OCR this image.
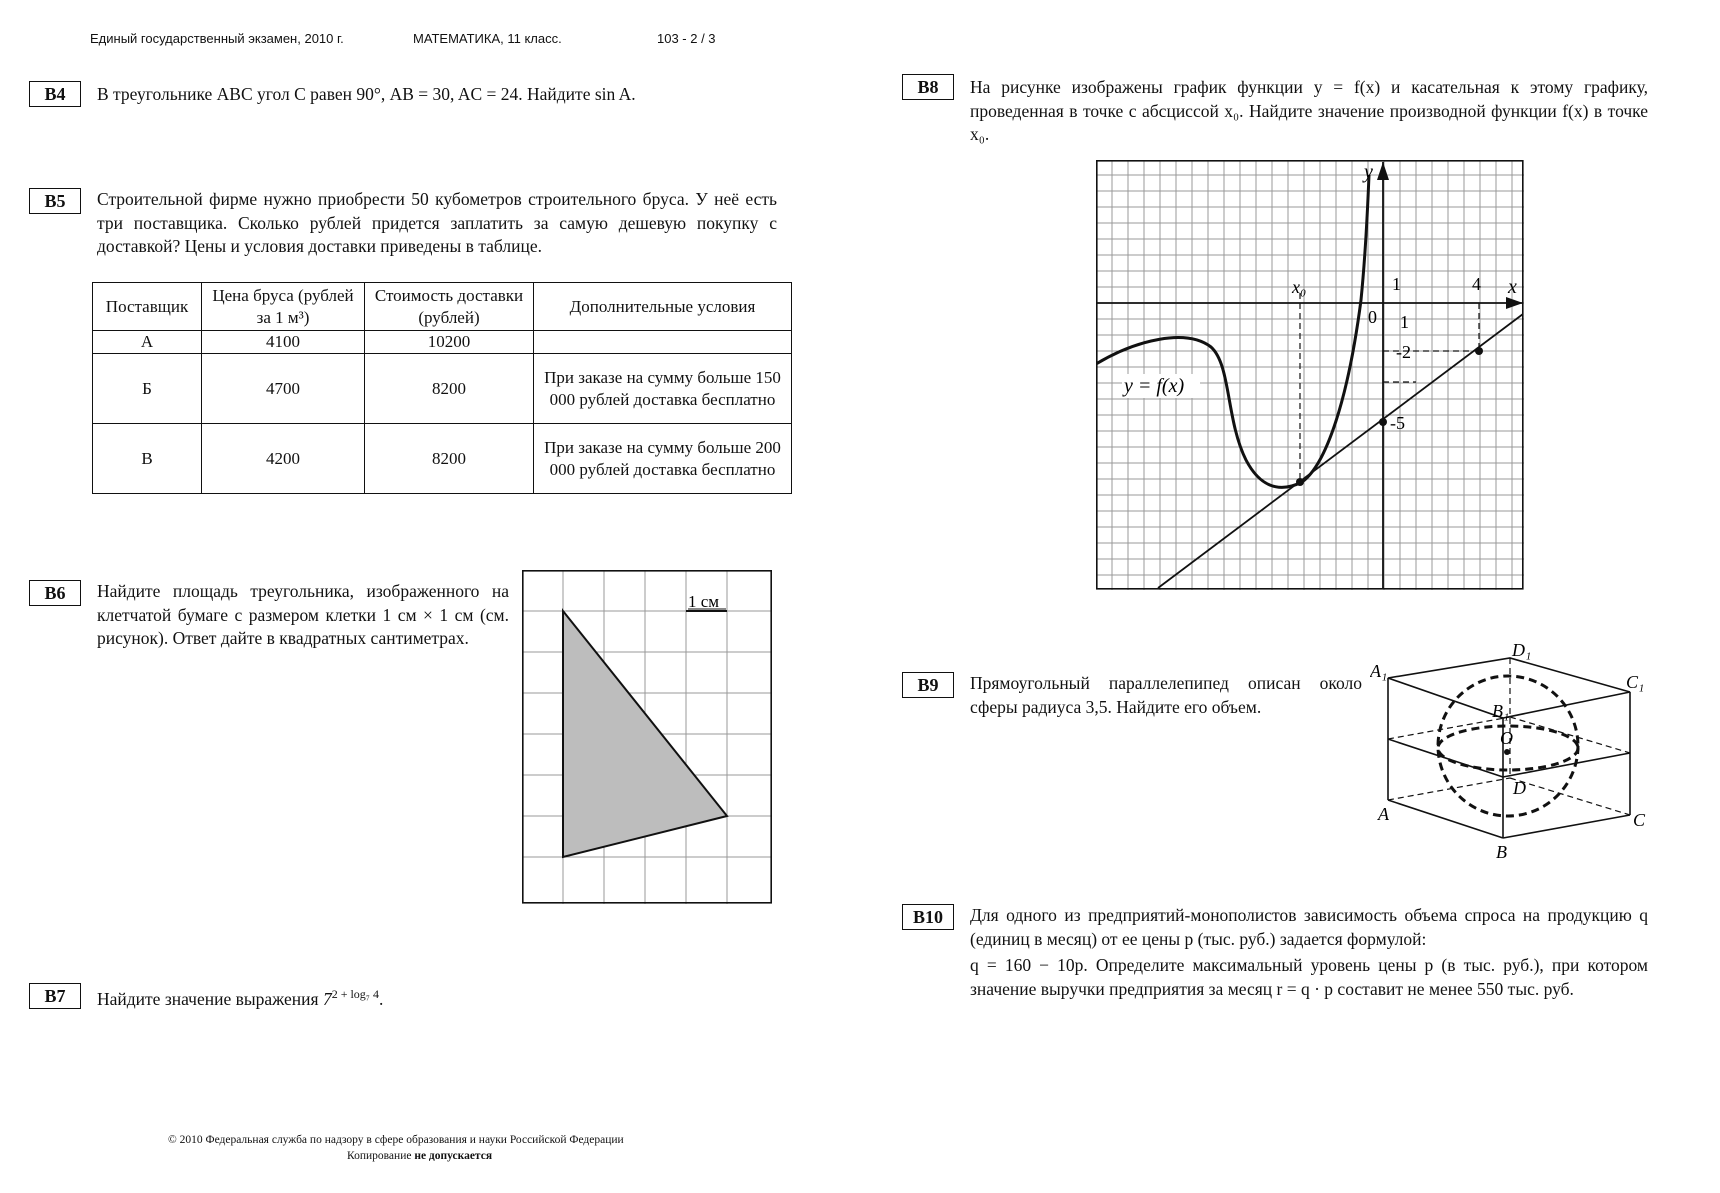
Единый государственный экзамен, 2010 г.	МАТЕМАТИКА, 11 класс.	103 - 2 / 3
B4	В треугольнике ABC угол C равен 90°, AB = 30, AC = 24. Найдите sin A.
B5	Строительной фирме нужно приобрести 50 кубометров строительного бруса. У неё есть три поставщика. Сколько рублей придется заплатить за самую дешевую покупку с доставкой? Цены и условия доставки приведены в таблице.
Поставщик	Цена бруса (рублей за 1 м³)	Стоимость доставки (рублей)	Дополнительные условия
А	4100	10200	
Б	4700	8200	При заказе на сумму больше 150 000 рублей доставка бесплатно
В	4200	8200	При заказе на сумму больше 200 000 рублей доставка бесплатно
B6	Найдите площадь треугольника, изображенного на клетчатой бумаге с размером клетки 1 см × 1 см (см. рисунок). Ответ дайте в квадратных сантиметрах.
1 см
B7	Найдите значение выражения $7^{2 + log_7 4}$.
B8	На рисунке изображены график функции y = f(x) и касательная к этому графику, проведенная в точке с абсциссой x₀. Найдите значение производной функции f(x) в точке x₀.
y
x
x₀
0
1	4
1
-2
-5
y = f(x)
B9	Прямоугольный параллелепипед описан около сферы радиуса 3,5. Найдите его объем.
A₁
D₁
C₁
B₁
O
D
A
B
C
B10	Для одного из предприятий-монополистов зависимость объема спроса на продукцию q (единиц в месяц) от ее цены p (тыс. руб.) задается формулой:
q = 160 − 10p. Определите максимальный уровень цены p (в тыс. руб.), при котором значение выручки предприятия за месяц r = q · p составит не менее 550 тыс. руб.
© 2010 Федеральная служба по надзору в сфере образования и науки Российской Федерации
Копирование не допускается
